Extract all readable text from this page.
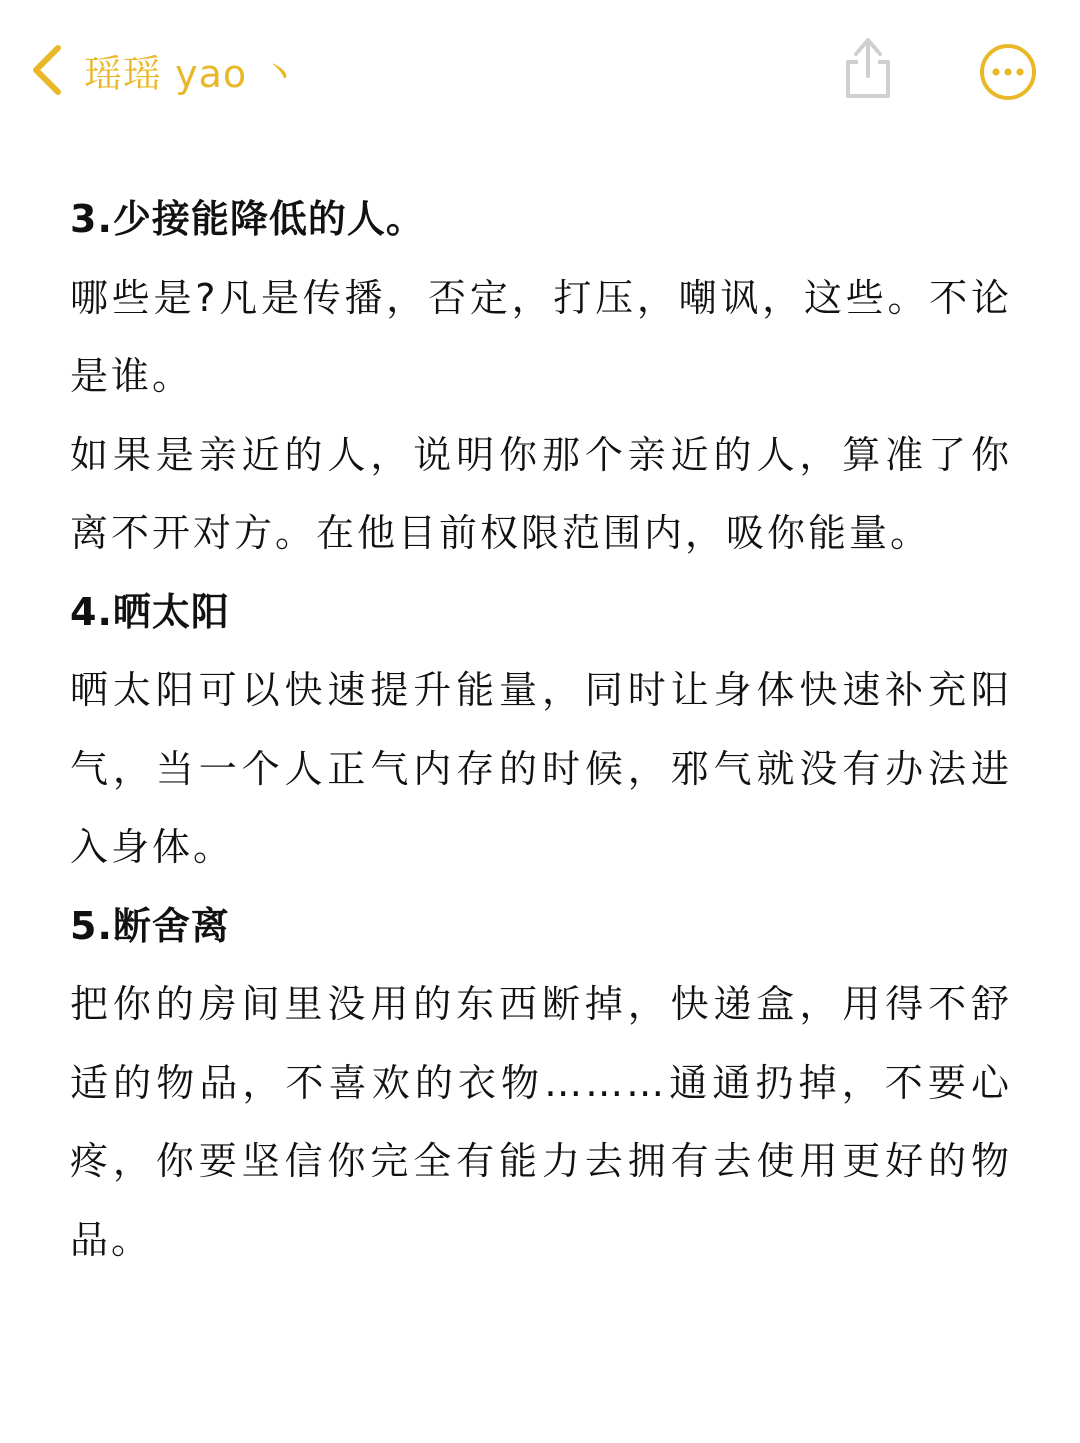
瑶瑶 yao 丶

3.少接能降低的人。

哪些是?凡是传播，否定，打压，嘲讽，这些。不论是谁。

如果是亲近的人，说明你那个亲近的人，算准了你离不开对方。在他目前权限范围内，吸你能量。

4.晒太阳

晒太阳可以快速提升能量，同时让身体快速补充阳气，当一个人正气内存的时候，邪气就没有办法进入身体。

5.断舍离

把你的房间里没用的东西断掉，快递盒，用得不舒适的物品，不喜欢的衣物………通通扔掉，不要心疼，你要坚信你完全有能力去拥有去使用更好的物品。
